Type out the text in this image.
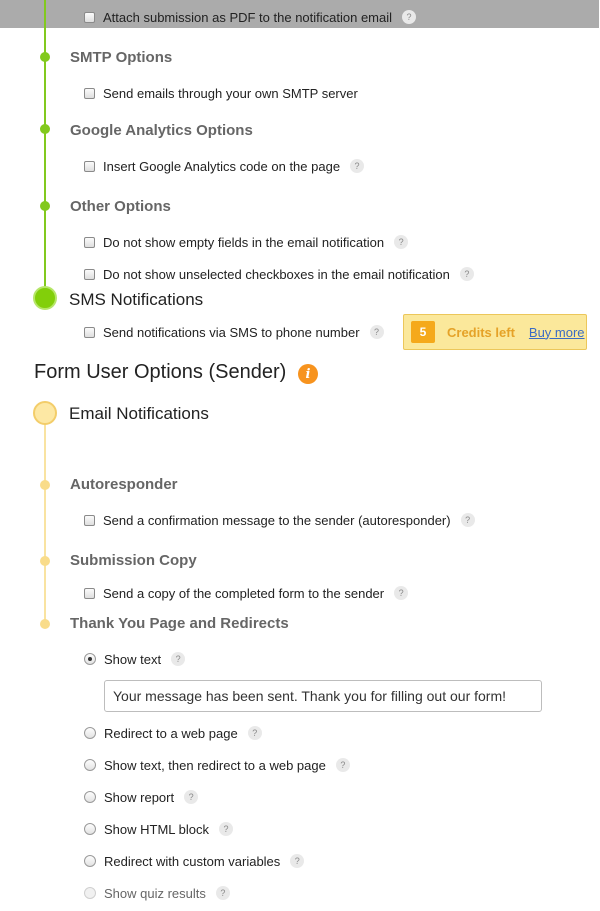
Attach submission as PDF to the notification email	?
SMTP Options
Send emails through your own SMTP server
Google Analytics Options
Insert Google Analytics code on the page	?
Other Options
Do not show empty fields in the email notification	?
Do not show unselected checkboxes in the email notification	?
SMS Notifications
Send notifications via SMS to phone number	?	5	Credits left Buy more
Form User Options (Sender)	i
Email Notifications
Autoresponder
Send a confirmation message to the sender (autoresponder)	?
Submission Copy
Send a copy of the completed form to the sender	?
Thank You Page and Redirects
Show text	?
Your message has been sent. Thank you for filling out our form!
Redirect to a web page	?
Show text, then redirect to a web page	?
Show report	?
Show HTML block	?
Redirect with custom variables	?
Show quiz results	?
